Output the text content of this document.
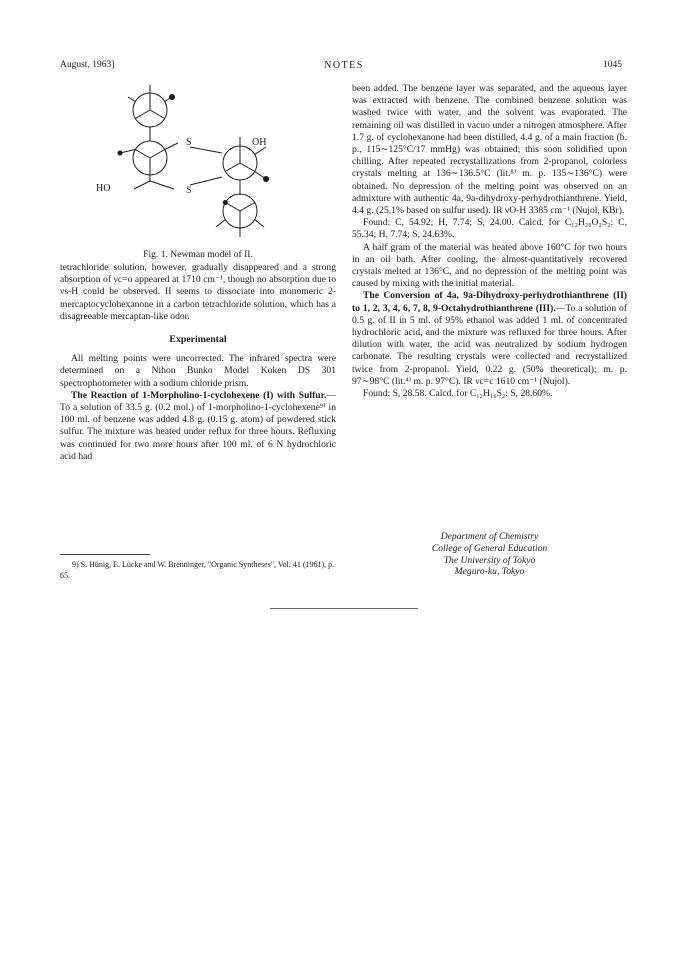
August, 1963]	NOTES	1045
S
S
OH
HO
Fig. 1. Newman model of II.

tetrachloride solution, however, gradually disappeared and a strong absorption of νc=o appeared at 1710 cm⁻¹, though no absorption due to νs-H could be observed. II seems to dissociate into monomeric 2-mercaptocyclohexanone in a carbon tetrachloride solution, which has a disagreeable mercaptan-like odor.

Experimental

All melting points were uncorrected. The infrared spectra were determined on a Nihon Bunko Model Koken DS 301 spectrophotometer with a sodium chloride prism.

The Reaction of 1-Morpholino-1-cyclohexene (I) with Sulfur.—To a solution of 33.5 g. (0.2 mol.) of 1-morpholino-1-cyclohexene⁹⁾ in 100 ml. of benzene was added 4.8 g. (0.15 g. atom) of powdered stick sulfur. The mixture was heated under reflux for three hours. Refluxing was continued for two more hours after 100 ml. of 6 N hydrochloric acid had

9) S. Hünig, E. Lücke and W. Brenninger, "Organic Syntheses", Vol. 41 (1961), p. 65.

been added. The benzene layer was separated, and the aqueous layer was extracted with benzene. The combined benzene solution was washed twice with water, and the solvent was evaporated. The remaining oil was distilled in vacuo under a nitrogen atmosphere. After 1.7 g. of cyclohexanone had been distilled, 4.4 g. of a main fraction (b. p., 115∼125°C/17 mmHg) was obtained; this soon solidified upon chilling. After repeated recrystallizations from 2-propanol, colorless crystals melting at 136∼136.5°C (lit.⁸⁾ m. p. 135∼136°C) were obtained. No depression of the melting point was observed on an admixture with authentic 4a, 9a-dihydroxy-perhydrothianthrene. Yield, 4.4 g. (25.1% based on sulfur used). IR νO-H 3385 cm⁻¹ (Nujol, KBr).

Found: C, 54.92; H, 7.74; S, 24.00. Calcd. for C₁₂H₂₀O₂S₂: C, 55.34; H, 7.74; S, 24.63%.

A half gram of the material was heated above 160°C for two hours in an oil bath. After cooling, the almost-quantitatively recovered crystals melted at 136°C, and no depression of the melting point was caused by mixing with the initial material.

The Conversion of 4a, 9a-Dihydroxy-perhydrothianthrene (II) to 1, 2, 3, 4, 6, 7, 8, 9-Octahydrothianthrene (III).—To a solution of 0.5 g. of II in 5 ml. of 95% ethanol was added 1 ml. of concentrated hydrochloric acid, and the mixture was refluxed for three hours. After dilution with water, the acid was neutralized by sodium hydrogen carbonate. The resulting crystals were collected and recrystallized twice from 2-propanol. Yield, 0.22 g. (50% theoretical); m. p. 97∼98°C (lit.⁴⁾ m. p. 97°C). IR νc=c 1610 cm⁻¹ (Nujol).

Found: S, 28.58. Calcd. for C₁₂H₁₆S₂: S, 28.60%.

Department of Chemistry
College of General Education
The University of Tokyo
Meguro-ku, Tokyo
